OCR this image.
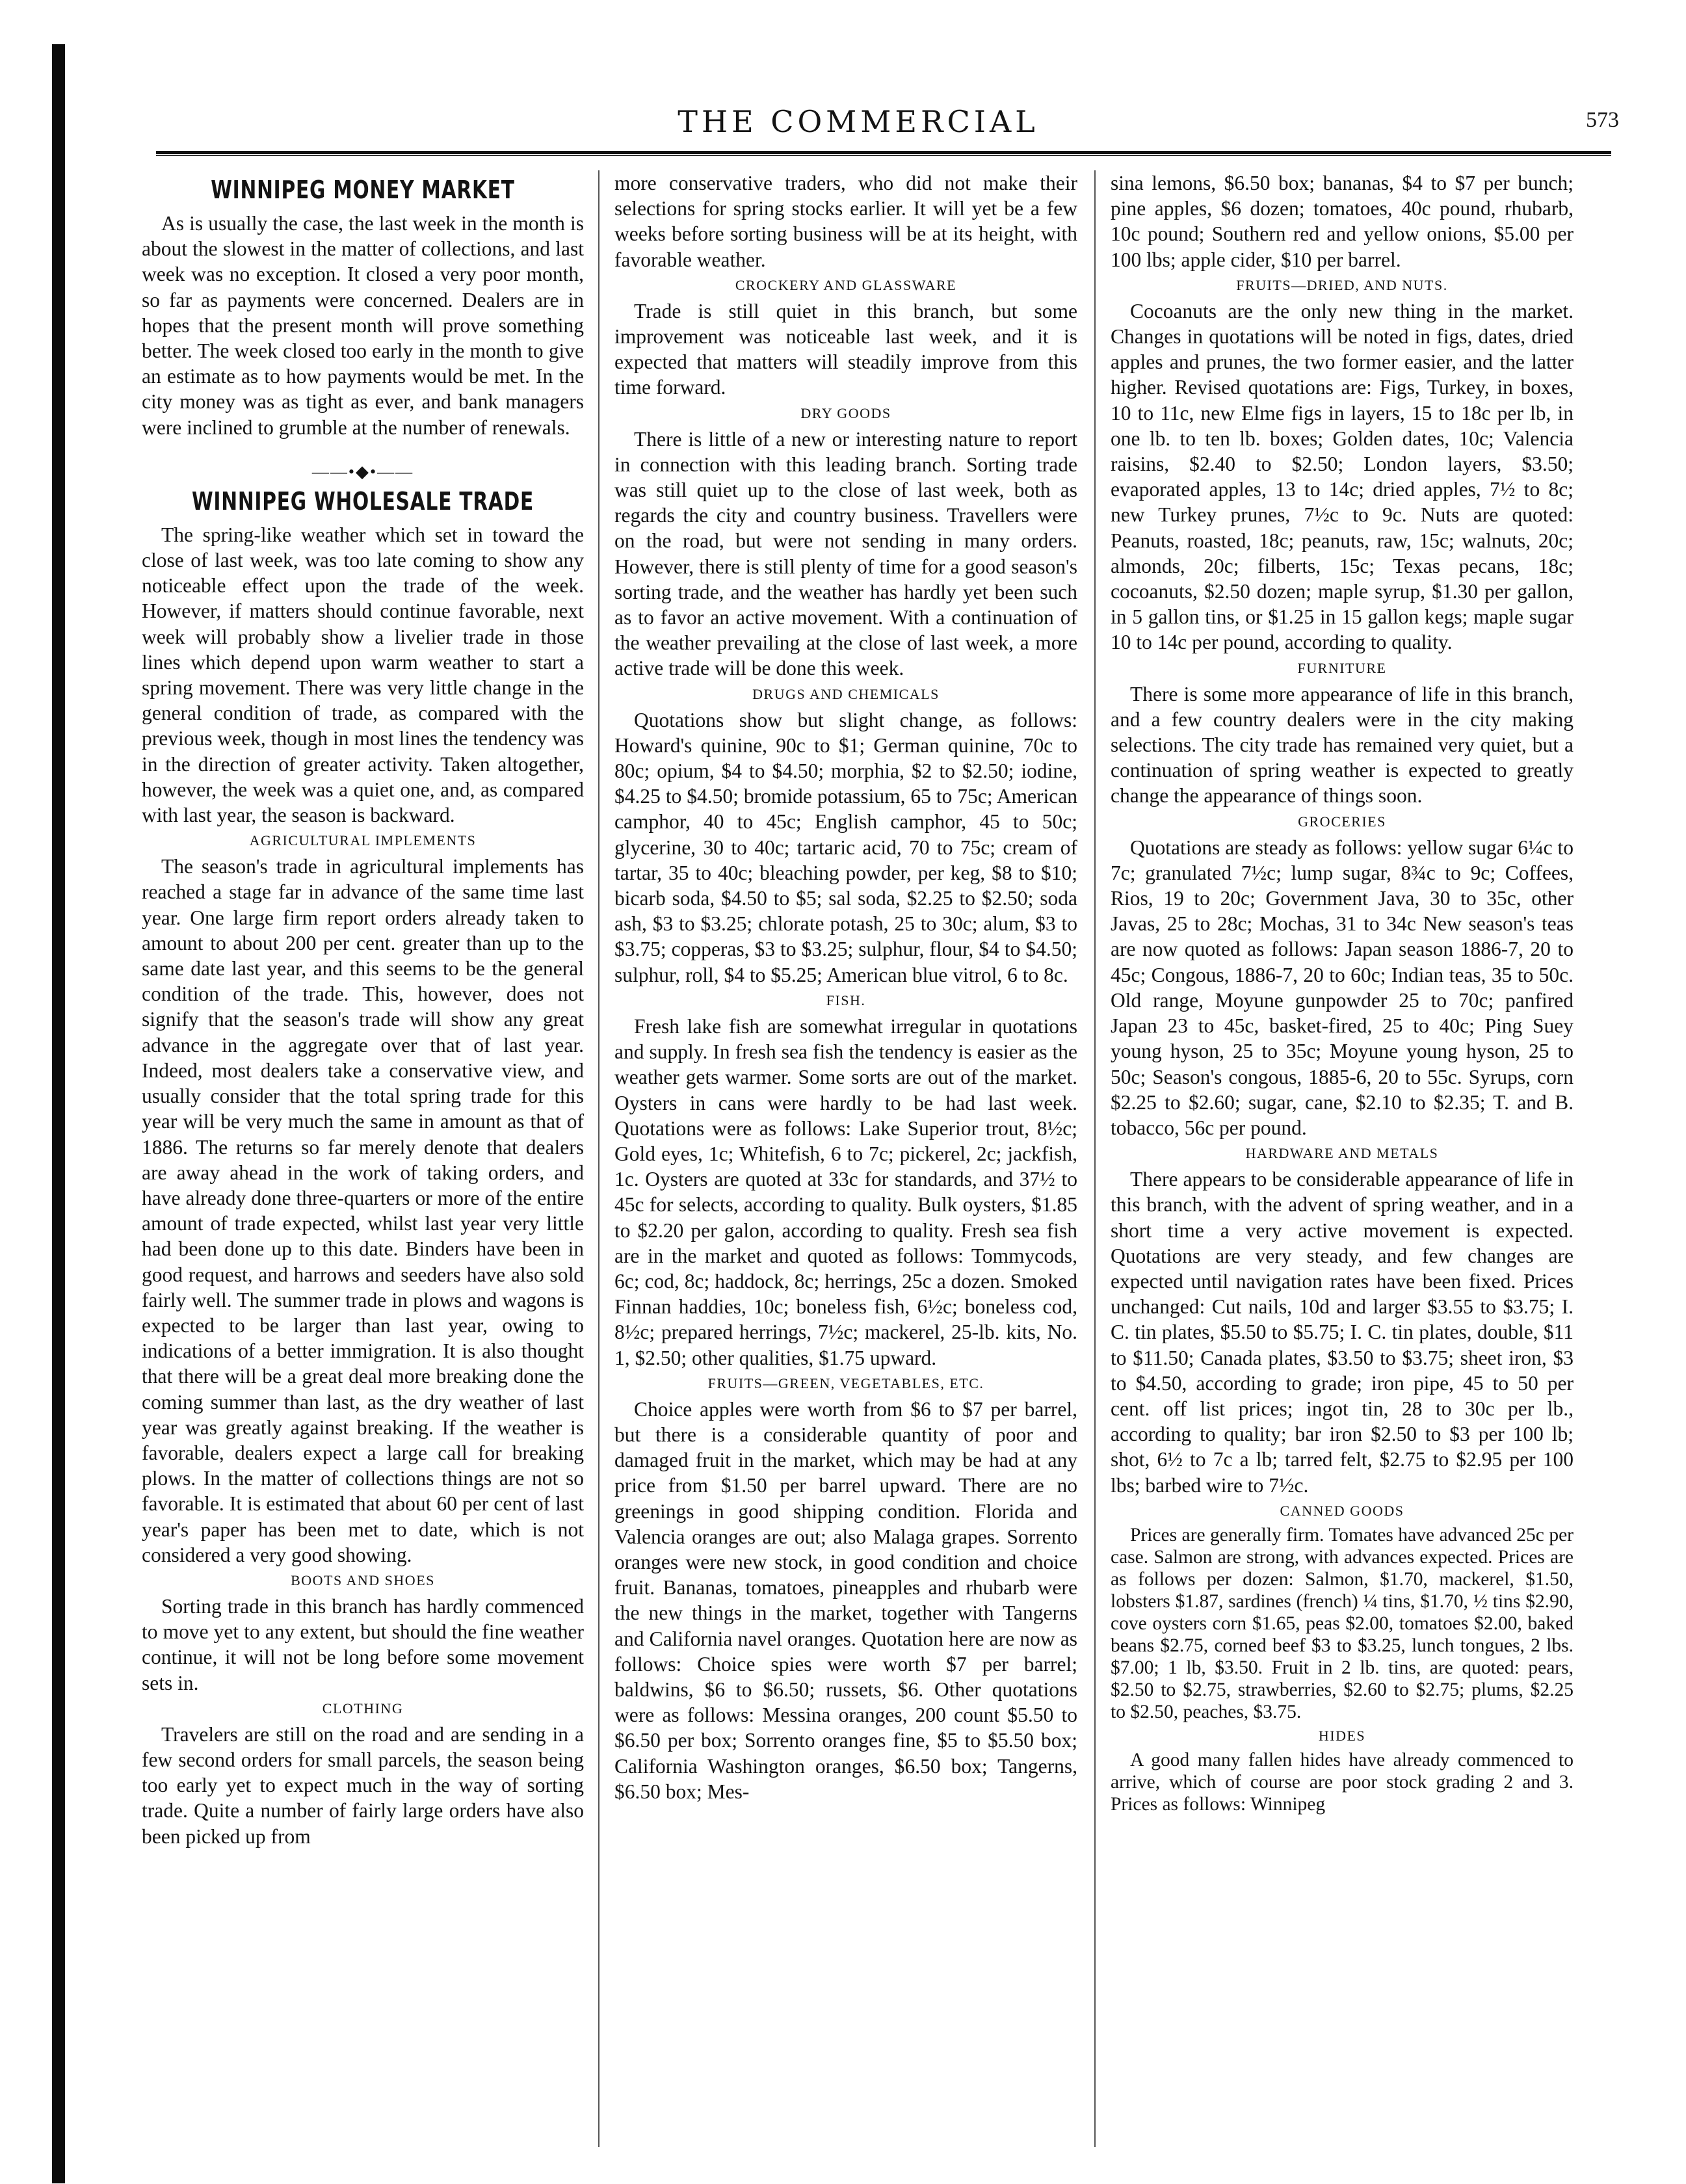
THE COMMERCIAL	573
WINNIPEG MONEY MARKET

As is usually the case, the last week in the month is about the slowest in the matter of collections, and last week was no exception. It closed a very poor month, so far as payments were concerned. Dealers are in hopes that the present month will prove something better. The week closed too early in the month to give an estimate as to how payments would be met. In the city money was as tight as ever, and bank managers were inclined to grumble at the number of renewals.

——•◆•——
WINNIPEG WHOLESALE TRADE

The spring-like weather which set in toward the close of last week, was too late coming to show any noticeable effect upon the trade of the week. However, if matters should continue favorable, next week will probably show a livelier trade in those lines which depend upon warm weather to start a spring movement. There was very little change in the general condition of trade, as compared with the previous week, though in most lines the tendency was in the direction of greater activity. Taken altogether, however, the week was a quiet one, and, as compared with last year, the season is backward.

AGRICULTURAL IMPLEMENTS

The season's trade in agricultural implements has reached a stage far in advance of the same time last year. One large firm report orders already taken to amount to about 200 per cent. greater than up to the same date last year, and this seems to be the general condition of the trade. This, however, does not signify that the season's trade will show any great advance in the aggregate over that of last year. Indeed, most dealers take a conservative view, and usually consider that the total spring trade for this year will be very much the same in amount as that of 1886. The returns so far merely denote that dealers are away ahead in the work of taking orders, and have already done three-quarters or more of the entire amount of trade expected, whilst last year very little had been done up to this date. Binders have been in good request, and harrows and seeders have also sold fairly well. The summer trade in plows and wagons is expected to be larger than last year, owing to indications of a better immigration. It is also thought that there will be a great deal more breaking done the coming summer than last, as the dry weather of last year was greatly against breaking. If the weather is favorable, dealers expect a large call for breaking plows. In the matter of collections things are not so favorable. It is estimated that about 60 per cent of last year's paper has been met to date, which is not considered a very good showing.

BOOTS AND SHOES

Sorting trade in this branch has hardly commenced to move yet to any extent, but should the fine weather continue, it will not be long before some movement sets in.

CLOTHING

Travelers are still on the road and are sending in a few second orders for small parcels, the season being too early yet to expect much in the way of sorting trade. Quite a number of fairly large orders have also been picked up from

more conservative traders, who did not make their selections for spring stocks earlier. It will yet be a few weeks before sorting business will be at its height, with favorable weather.

CROCKERY AND GLASSWARE

Trade is still quiet in this branch, but some improvement was noticeable last week, and it is expected that matters will steadily improve from this time forward.

DRY GOODS

There is little of a new or interesting nature to report in connection with this leading branch. Sorting trade was still quiet up to the close of last week, both as regards the city and country business. Travellers were on the road, but were not sending in many orders. However, there is still plenty of time for a good season's sorting trade, and the weather has hardly yet been such as to favor an active movement. With a continuation of the weather prevailing at the close of last week, a more active trade will be done this week.

DRUGS AND CHEMICALS

Quotations show but slight change, as follows: Howard's quinine, 90c to $1; German quinine, 70c to 80c; opium, $4 to $4.50; morphia, $2 to $2.50; iodine, $4.25 to $4.50; bromide potassium, 65 to 75c; American camphor, 40 to 45c; English camphor, 45 to 50c; glycerine, 30 to 40c; tartaric acid, 70 to 75c; cream of tartar, 35 to 40c; bleaching powder, per keg, $8 to $10; bicarb soda, $4.50 to $5; sal soda, $2.25 to $2.50; soda ash, $3 to $3.25; chlorate potash, 25 to 30c; alum, $3 to $3.75; copperas, $3 to $3.25; sulphur, flour, $4 to $4.50; sulphur, roll, $4 to $5.25; American blue vitrol, 6 to 8c.

FISH.

Fresh lake fish are somewhat irregular in quotations and supply. In fresh sea fish the tendency is easier as the weather gets warmer. Some sorts are out of the market. Oysters in cans were hardly to be had last week. Quotations were as follows: Lake Superior trout, 8½c; Gold eyes, 1c; Whitefish, 6 to 7c; pickerel, 2c; jackfish, 1c. Oysters are quoted at 33c for standards, and 37½ to 45c for selects, according to quality. Bulk oysters, $1.85 to $2.20 per galon, according to quality. Fresh sea fish are in the market and quoted as follows: Tommycods, 6c; cod, 8c; haddock, 8c; herrings, 25c a dozen. Smoked Finnan haddies, 10c; boneless fish, 6½c; boneless cod, 8½c; prepared herrings, 7½c; mackerel, 25-lb. kits, No. 1, $2.50; other qualities, $1.75 upward.

FRUITS—GREEN, VEGETABLES, ETC.

Choice apples were worth from $6 to $7 per barrel, but there is a considerable quantity of poor and damaged fruit in the market, which may be had at any price from $1.50 per barrel upward. There are no greenings in good shipping condition. Florida and Valencia oranges are out; also Malaga grapes. Sorrento oranges were new stock, in good condition and choice fruit. Bananas, tomatoes, pineapples and rhubarb were the new things in the market, together with Tangerns and California navel oranges. Quotation here are now as follows: Choice spies were worth $7 per barrel; baldwins, $6 to $6.50; russets, $6. Other quotations were as follows: Messina oranges, 200 count $5.50 to $6.50 per box; Sorrento oranges fine, $5 to $5.50 box; California Washington oranges, $6.50 box; Tangerns, $6.50 box; Mes-

sina lemons, $6.50 box; bananas, $4 to $7 per bunch; pine apples, $6 dozen; tomatoes, 40c pound, rhubarb, 10c pound; Southern red and yellow onions, $5.00 per 100 lbs; apple cider, $10 per barrel.

FRUITS—DRIED, AND NUTS.

Cocoanuts are the only new thing in the market. Changes in quotations will be noted in figs, dates, dried apples and prunes, the two former easier, and the latter higher. Revised quotations are: Figs, Turkey, in boxes, 10 to 11c, new Elme figs in layers, 15 to 18c per lb, in one lb. to ten lb. boxes; Golden dates, 10c; Valencia raisins, $2.40 to $2.50; London layers, $3.50; evaporated apples, 13 to 14c; dried apples, 7½ to 8c; new Turkey prunes, 7½c to 9c. Nuts are quoted: Peanuts, roasted, 18c; peanuts, raw, 15c; walnuts, 20c; almonds, 20c; filberts, 15c; Texas pecans, 18c; cocoanuts, $2.50 dozen; maple syrup, $1.30 per gallon, in 5 gallon tins, or $1.25 in 15 gallon kegs; maple sugar 10 to 14c per pound, according to quality.

FURNITURE

There is some more appearance of life in this branch, and a few country dealers were in the city making selections. The city trade has remained very quiet, but a continuation of spring weather is expected to greatly change the appearance of things soon.

GROCERIES

Quotations are steady as follows: yellow sugar 6¼c to 7c; granulated 7½c; lump sugar, 8¾c to 9c; Coffees, Rios, 19 to 20c; Government Java, 30 to 35c, other Javas, 25 to 28c; Mochas, 31 to 34c New season's teas are now quoted as follows: Japan season 1886-7, 20 to 45c; Congous, 1886-7, 20 to 60c; Indian teas, 35 to 50c. Old range, Moyune gunpowder 25 to 70c; panfired Japan 23 to 45c, basket-fired, 25 to 40c; Ping Suey young hyson, 25 to 35c; Moyune young hyson, 25 to 50c; Season's congous, 1885-6, 20 to 55c. Syrups, corn $2.25 to $2.60; sugar, cane, $2.10 to $2.35; T. and B. tobacco, 56c per pound.

HARDWARE AND METALS

There appears to be considerable appearance of life in this branch, with the advent of spring weather, and in a short time a very active movement is expected. Quotations are very steady, and few changes are expected until navigation rates have been fixed. Prices unchanged: Cut nails, 10d and larger $3.55 to $3.75; I. C. tin plates, $5.50 to $5.75; I. C. tin plates, double, $11 to $11.50; Canada plates, $3.50 to $3.75; sheet iron, $3 to $4.50, according to grade; iron pipe, 45 to 50 per cent. off list prices; ingot tin, 28 to 30c per lb., according to quality; bar iron $2.50 to $3 per 100 lb; shot, 6½ to 7c a lb; tarred felt, $2.75 to $2.95 per 100 lbs; barbed wire to 7½c.

CANNED GOODS

Prices are generally firm. Tomates have advanced 25c per case. Salmon are strong, with advances expected. Prices are as follows per dozen: Salmon, $1.70, mackerel, $1.50, lobsters $1.87, sardines (french) ¼ tins, $1.70, ½ tins $2.90, cove oysters corn $1.65, peas $2.00, tomatoes $2.00, baked beans $2.75, corned beef $3 to $3.25, lunch tongues, 2 lbs. $7.00; 1 lb, $3.50. Fruit in 2 lb. tins, are quoted: pears, $2.50 to $2.75, strawberries, $2.60 to $2.75; plums, $2.25 to $2.50, peaches, $3.75.

HIDES

A good many fallen hides have already commenced to arrive, which of course are poor stock grading 2 and 3. Prices as follows: Winnipeg
